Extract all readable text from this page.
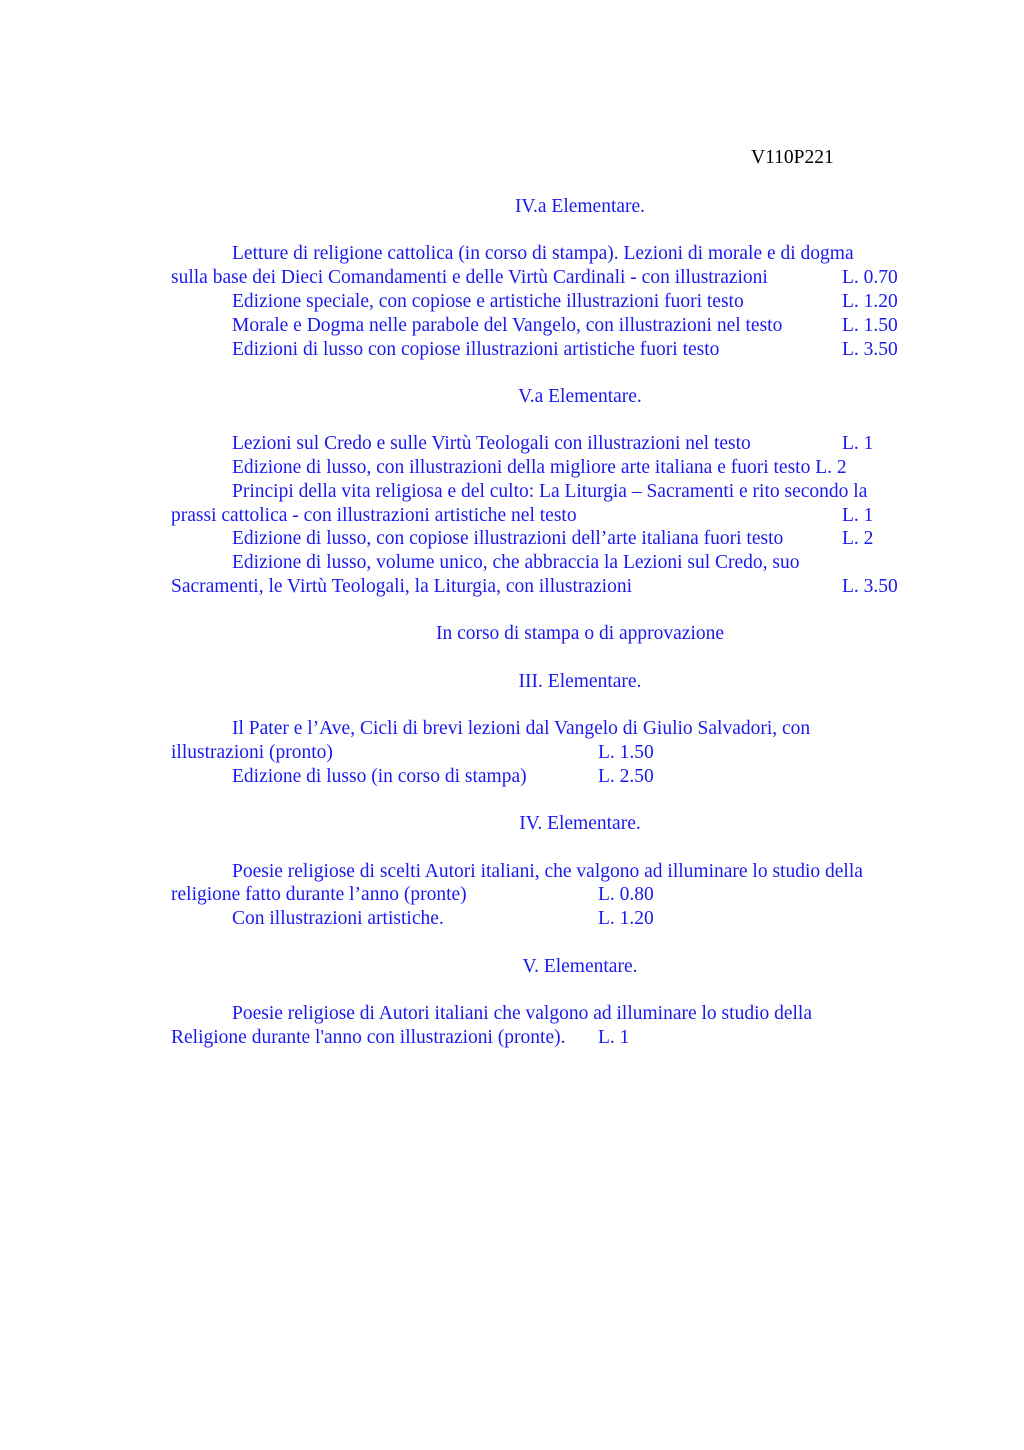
V110P221
IV.a Elementare.
Letture di religione cattolica (in corso di stampa). Lezioni di morale e di dogma
sulla base dei Dieci Comandamenti e delle Virtù Cardinali - con illustrazioni	L. 0.70
Edizione speciale, con copiose e artistiche illustrazioni fuori testo	L. 1.20
Morale e Dogma nelle parabole del Vangelo, con illustrazioni nel testo	L. 1.50
Edizioni di lusso con copiose illustrazioni artistiche fuori testo	L. 3.50
V.a Elementare.
Lezioni sul Credo e sulle Virtù Teologali con illustrazioni nel testo	L. 1
Edizione di lusso, con illustrazioni della migliore arte italiana e fuori testo L. 2
Principi della vita religiosa e del culto: La Liturgia – Sacramenti e rito secondo la
prassi cattolica - con illustrazioni artistiche nel testo	L. 1
Edizione di lusso, con copiose illustrazioni dell’arte italiana fuori testo	L. 2
Edizione di lusso, volume unico, che abbraccia la Lezioni sul Credo, suo
Sacramenti, le Virtù Teologali, la Liturgia, con illustrazioni	L. 3.50
In corso di stampa o di approvazione
III. Elementare.
Il Pater e l’Ave, Cicli di brevi lezioni dal Vangelo di Giulio Salvadori, con
illustrazioni (pronto)	L. 1.50
Edizione di lusso (in corso di stampa)	L. 2.50
IV. Elementare.
Poesie religiose di scelti Autori italiani, che valgono ad illuminare lo studio della
religione fatto durante l’anno (pronte)	L. 0.80
Con illustrazioni artistiche.	L. 1.20
V. Elementare.
Poesie religiose di Autori italiani che valgono ad illuminare lo studio della
Religione durante l'anno con illustrazioni (pronte). L. 1
